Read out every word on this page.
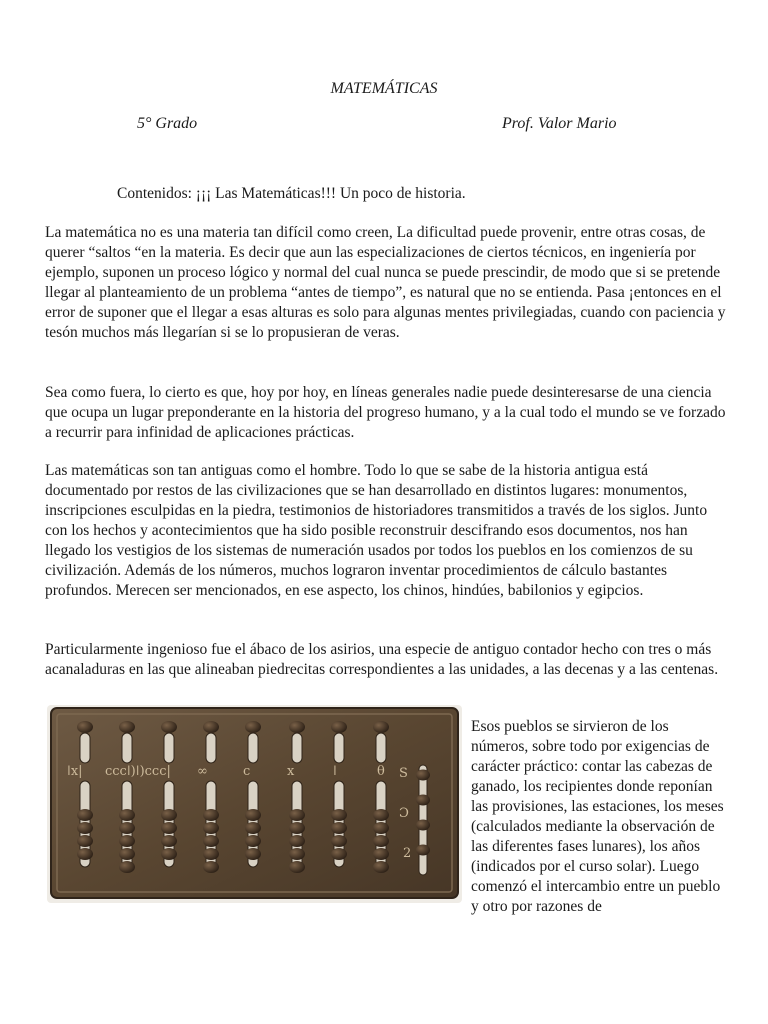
MATEMÁTICAS
5° Grado	Prof. Valor Mario
Contenidos: ¡¡¡ Las Matemáticas!!! Un poco de historia.

La matemática no es una materia tan difícil como creen, La dificultad puede provenir, entre otras cosas, de querer “saltos “en la materia. Es decir que aun las especializaciones de ciertos técnicos, en ingeniería por ejemplo, suponen un proceso lógico y normal del cual nunca se puede prescindir, de modo que si se pretende llegar al planteamiento de un problema “antes de tiempo”, es natural que no se entienda. Pasa ¡entonces en el error de suponer que el llegar a esas alturas es solo para algunas mentes privilegiadas, cuando con paciencia y tesón muchos más llegarían si se lo propusieran de veras.

Sea como fuera, lo cierto es que, hoy por hoy, en líneas generales nadie puede desinteresarse de una ciencia que ocupa un lugar preponderante en la historia del progreso humano, y a la cual todo el mundo se ve forzado a recurrir para infinidad de aplicaciones prácticas.

Las matemáticas son tan antiguas como el hombre. Todo lo que se sabe de la historia antigua está documentado por restos de las civilizaciones que se han desarrollado en distintos lugares: monumentos, inscripciones esculpidas en la piedra, testimonios de historiadores transmitidos a través de los siglos. Junto con los hechos y acontecimientos que ha sido posible reconstruir descifrando esos documentos, nos han llegado los vestigios de los sistemas de numeración usados por todos los pueblos en los comienzos de su civilización. Además de los números, muchos lograron inventar procedimientos de cálculo bastantes profundos. Merecen ser mencionados, en ese aspecto, los chinos, hindúes, babilonios y egipcios.

Particularmente ingenioso fue el ábaco de los asirios, una especie de antiguo contador hecho con tres o más acanaladuras en las que alineaban piedrecitas correspondientes a las unidades, a las decenas y a las centenas.

ǀx| cccǀ)ǀ)ccc| ∞	c	x	ǀ	θ S
Ɔ
2

Esos pueblos se sirvieron de los números, sobre todo por exigencias de carácter práctico: contar las cabezas de ganado, los recipientes donde reponían las provisiones, las estaciones, los meses (calculados mediante la observación de las diferentes fases lunares), los años (indicados por el curso solar). Luego comenzó el intercambio entre un pueblo y otro por razones de
